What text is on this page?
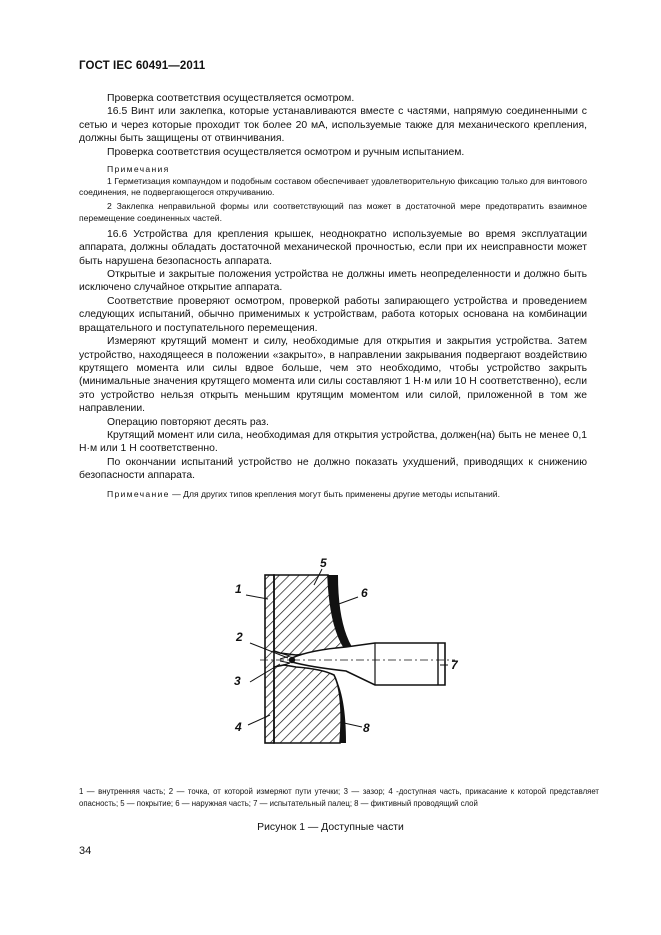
ГОСТ IEC 60491—2011

Проверка соответствия осуществляется осмотром.

16.5 Винт или заклепка, которые устанавливаются вместе с частями, напрямую соединенными с сетью и через которые проходит ток более 20 мА, используемые также для механического крепления, должны быть защищены от отвинчивания.

Проверка соответствия осуществляется осмотром и ручным испытанием.

Примечания
1 Герметизация компаундом и подобным составом обеспечивает удовлетворительную фиксацию только для винтового соединения, не подвергающегося откручиванию.
2 Заклепка неправильной формы или соответствующий паз может в достаточной мере предотвратить взаимное перемещение соединенных частей.

16.6 Устройства для крепления крышек, неоднократно используемые во время эксплуатации аппарата, должны обладать достаточной механической прочностью, если при их неисправности может быть нарушена безопасность аппарата.

Открытые и закрытые положения устройства не должны иметь неопределенности и должно быть исключено случайное открытие аппарата.

Соответствие проверяют осмотром, проверкой работы запирающего устройства и проведением следующих испытаний, обычно применимых к устройствам, работа которых основана на комбинации вращательного и поступательного перемещения.

Измеряют крутящий момент и силу, необходимые для открытия и закрытия устройства. Затем устройство, находящееся в положении «закрыто», в направлении закрывания подвергают воздействию крутящего момента или силы вдвое больше, чем это необходимо, чтобы устройство закрыть (минимальные значения крутящего момента или силы составляют 1 Н·м или 10 Н соответственно), если это устройство нельзя открыть меньшим крутящим моментом или силой, приложенной в том же направлении.

Операцию повторяют десять раз.

Крутящий момент или сила, необходимая для открытия устройства, должен(на) быть не менее 0,1 Н·м или 1 Н соответственно.

По окончании испытаний устройство не должно показать ухудшений, приводящих к снижению безопасности аппарата.

Примечание — Для других типов крепления могут быть применены другие методы испытаний.
1
2
3
4
5
6
7
8
1 — внутренняя часть; 2 — точка, от которой измеряют пути утечки; 3 — зазор; 4 -доступная часть, прикасание к которой представляет опасность; 5 — покрытие; 6 — наружная часть; 7 — испытательный палец; 8 — фиктивный проводящий слой
Рисунок 1 — Доступные части
34
